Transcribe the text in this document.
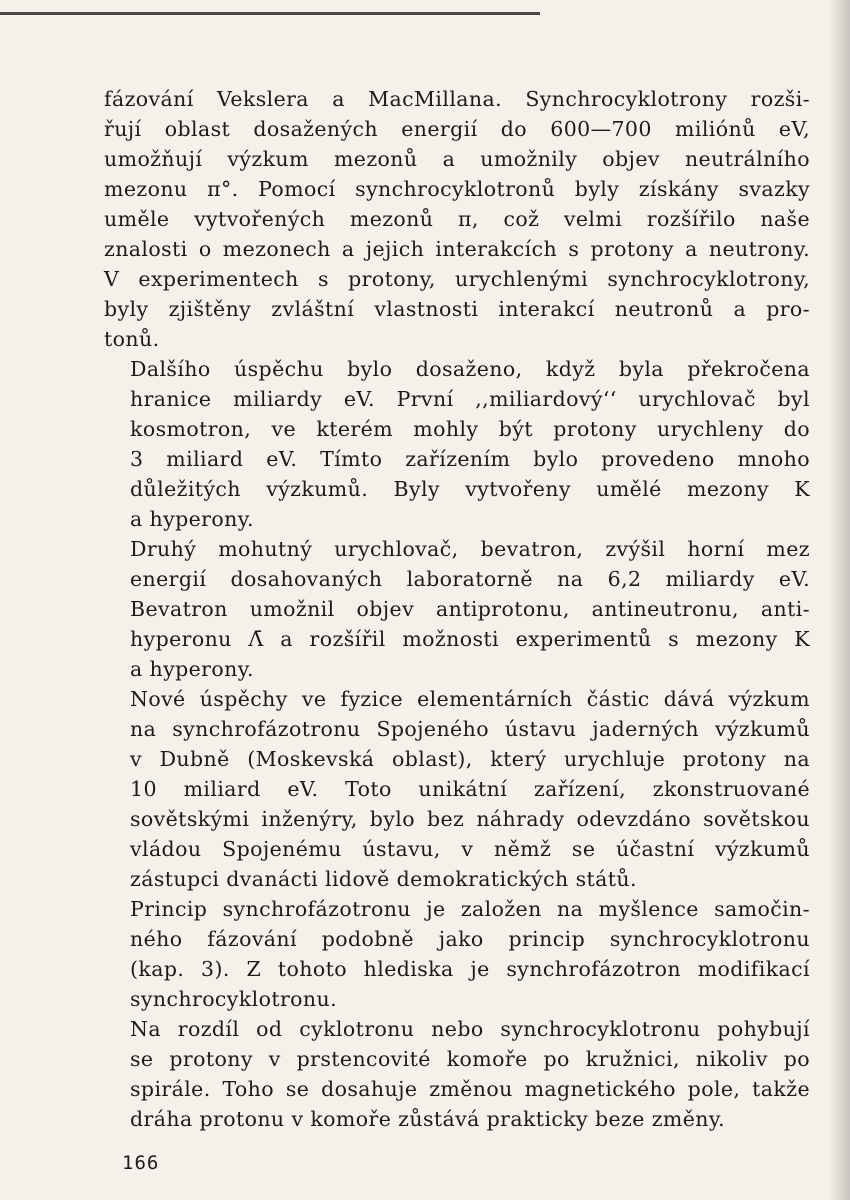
fázování Vekslera a MacMillana. Synchrocyklotrony rozši-
řují oblast dosažených energií do 600—700 miliónů eV,
umožňují výzkum mezonů a umožnily objev neutrálního
mezonu π°. Pomocí synchrocyklotronů byly získány svazky
uměle vytvořených mezonů π, což velmi rozšířilo naše
znalosti o mezonech a jejich interakcích s protony a neutrony.
V experimentech s protony, urychlenými synchrocyklotrony,
byly zjištěny zvláštní vlastnosti interakcí neutronů a pro-
tonů.

Dalšího úspěchu bylo dosaženo, když byla překročena
hranice miliardy eV. První ,,miliardový‘‘ urychlovač byl
kosmotron, ve kterém mohly být protony urychleny do
3 miliard eV. Tímto zařízením bylo provedeno mnoho
důležitých výzkumů. Byly vytvořeny umělé mezony K
a hyperony.

Druhý mohutný urychlovač, bevatron, zvýšil horní mez
energií dosahovaných laboratorně na 6,2 miliardy eV.
Bevatron umožnil objev antiprotonu, antineutronu, anti-
hyperonu Λ̄ a rozšířil možnosti experimentů s mezony K
a hyperony.

Nové úspěchy ve fyzice elementárních částic dává výzkum
na synchrofázotronu Spojeného ústavu jaderných výzkumů
v Dubně (Moskevská oblast), který urychluje protony na
10 miliard eV. Toto unikátní zařízení, zkonstruované
sovětskými inženýry, bylo bez náhrady odevzdáno sovětskou
vládou Spojenému ústavu, v němž se účastní výzkumů
zástupci dvanácti lidově demokratických států.

Princip synchrofázotronu je založen na myšlence samočin-
ného fázování podobně jako princip synchrocyklotronu
(kap. 3). Z tohoto hlediska je synchrofázotron modifikací
synchrocyklotronu.

Na rozdíl od cyklotronu nebo synchrocyklotronu pohybují
se protony v prstencovité komoře po kružnici, nikoliv po
spirále. Toho se dosahuje změnou magnetického pole, takže
dráha protonu v komoře zůstává prakticky beze změny.

166
